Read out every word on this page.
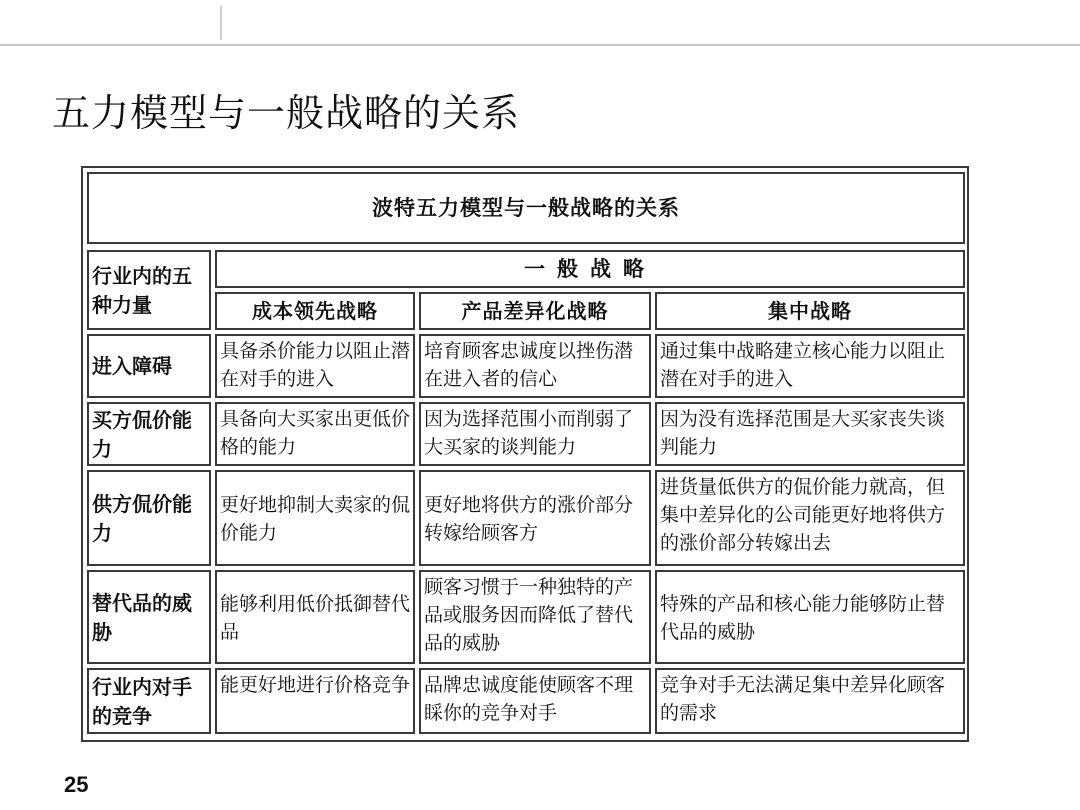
五力模型与一般战略的关系
波特五力模型与一般战略的关系
行业内的五种力量
一般战略
成本领先战略	产品差异化战略	集中战略
进入障碍
具备杀价能力以阻止潜在对手的进入
培育顾客忠诚度以挫伤潜在进入者的信心
通过集中战略建立核心能力以阻止潜在对手的进入
买方侃价能力
具备向大买家出更低价格的能力
因为选择范围小而削弱了大买家的谈判能力
因为没有选择范围是大买家丧失谈判能力
供方侃价能力
更好地抑制大卖家的侃价能力
更好地将供方的涨价部分转嫁给顾客方
进货量低供方的侃价能力就高，但集中差异化的公司能更好地将供方的涨价部分转嫁出去
替代品的威胁
能够利用低价抵御替代品
顾客习惯于一种独特的产品或服务因而降低了替代品的威胁
特殊的产品和核心能力能够防止替代品的威胁
行业内对手的竞争
能更好地进行价格竞争 品牌忠诚度能使顾客不理睬你的竞争对手
竞争对手无法满足集中差异化顾客的需求
25
